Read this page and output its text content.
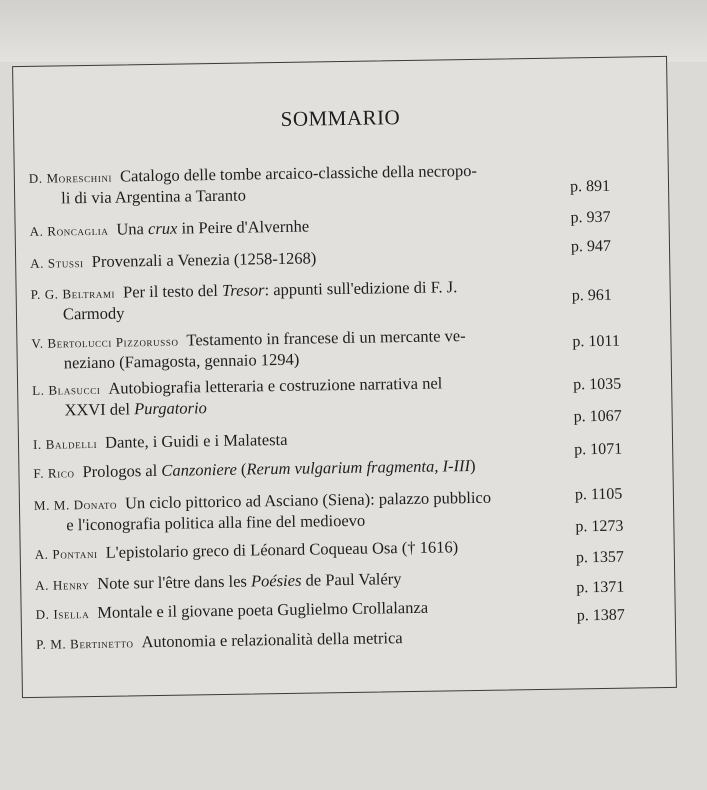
SOMMARIO
D. Moreschini Catalogo delle tombe arcaico-classiche della necropo-
li di via Argentina a Taranto	p. 891
A. Roncaglia Una crux in Peire d'Alvernhe	p. 937
A. Stussi Provenzali a Venezia (1258-1268)
p. 947
P. G. Beltrami Per il testo del Tresor: appunti sull'edizione di F. J.
Carmody
p. 961
V. Bertolucci Pizzorusso Testamento in francese di un mercante ve-
neziano (Famagosta, gennaio 1294)
p. 1011
L. Blasucci Autobiografia letteraria e costruzione narrativa nel
XXVI del Purgatorio
p. 1035
I. Baldelli Dante, i Guidi e i Malatesta
p. 1067
F. Rico Prologos al Canzoniere (Rerum vulgarium fragmenta, I-III)
p. 1071
M. M. Donato Un ciclo pittorico ad Asciano (Siena): palazzo pubblico
e l'iconografia politica alla fine del medioevo
p. 1105
A. Pontani L'epistolario greco di Léonard Coqueau Osa († 1616)
p. 1273
A. Henry Note sur l'être dans les Poésies de Paul Valéry
p. 1357
D. Isella Montale e il giovane poeta Guglielmo Crollalanza
p. 1371
P. M. Bertinetto Autonomia e relazionalità della metrica
p. 1387
